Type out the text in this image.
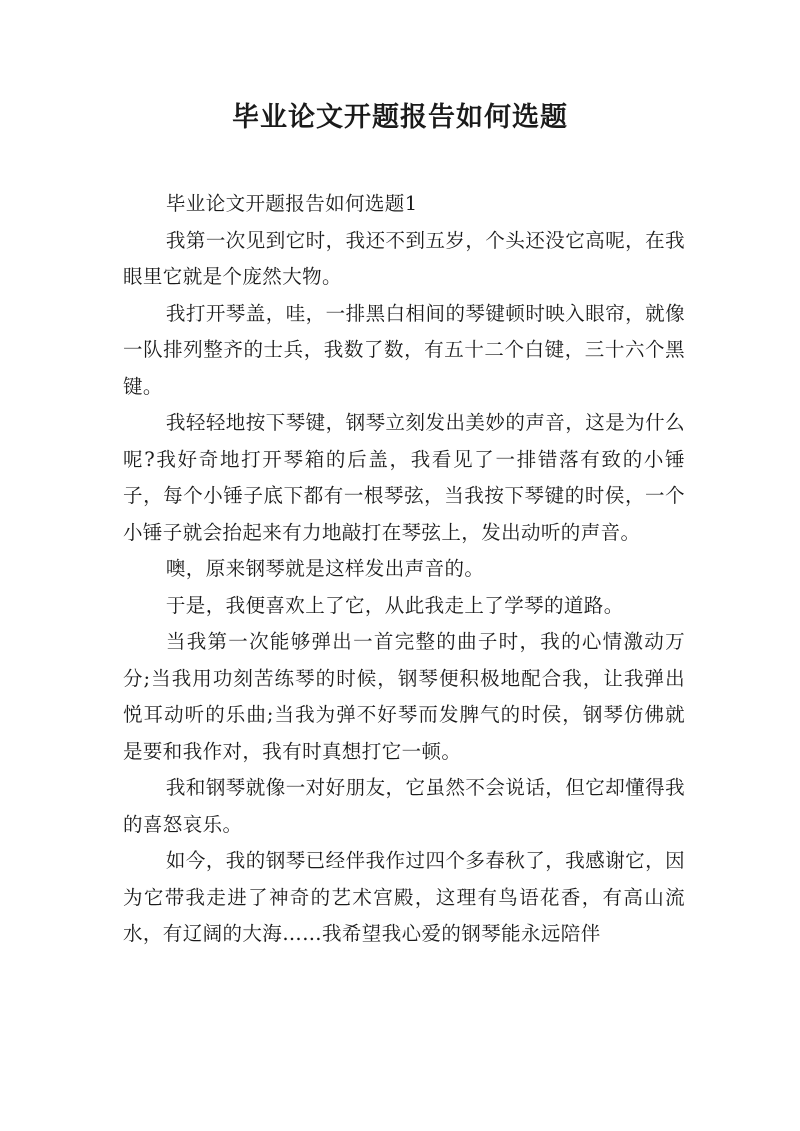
毕业论文开题报告如何选题

毕业论文开题报告如何选题1

我第一次见到它时，我还不到五岁，个头还没它高呢，在我眼里它就是个庞然大物。

我打开琴盖，哇，一排黑白相间的琴键顿时映入眼帘，就像一队排列整齐的士兵，我数了数，有五十二个白键，三十六个黑键。

我轻轻地按下琴键，钢琴立刻发出美妙的声音，这是为什么呢?我好奇地打开琴箱的后盖，我看见了一排错落有致的小锤子，每个小锤子底下都有一根琴弦，当我按下琴键的时侯，一个小锤子就会抬起来有力地敲打在琴弦上，发出动听的声音。

噢，原来钢琴就是这样发出声音的。

于是，我便喜欢上了它，从此我走上了学琴的道路。

当我第一次能够弹出一首完整的曲子时，我的心情激动万分;当我用功刻苦练琴的时候，钢琴便积极地配合我，让我弹出悦耳动听的乐曲;当我为弹不好琴而发脾气的时侯，钢琴仿佛就是要和我作对，我有时真想打它一顿。

我和钢琴就像一对好朋友，它虽然不会说话，但它却懂得我的喜怒哀乐。

如今，我的钢琴已经伴我作过四个多春秋了，我感谢它，因为它带我走进了神奇的艺术宫殿，这理有鸟语花香，有高山流水，有辽阔的大海……我希望我心爱的钢琴能永远陪伴
